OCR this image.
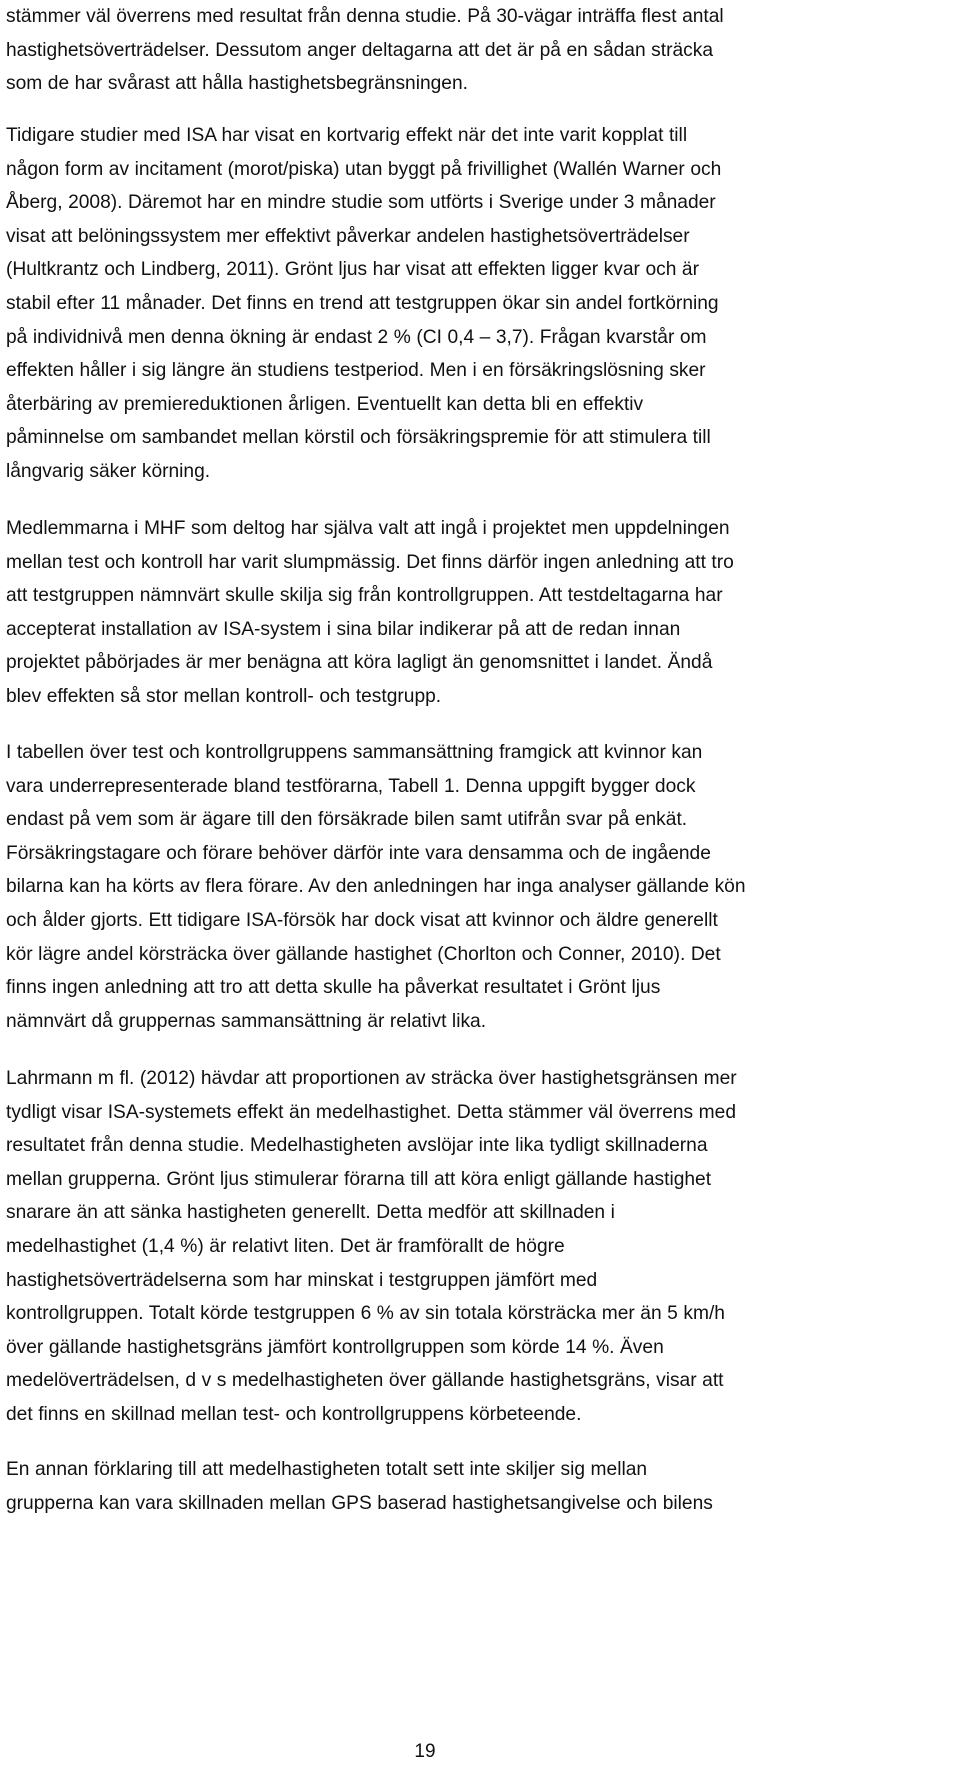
stämmer väl överrens med resultat från denna studie. På 30-vägar inträffa flest antal
hastighetsöverträdelser. Dessutom anger deltagarna att det är på en sådan sträcka
som de har svårast att hålla hastighetsbegränsningen.

Tidigare studier med ISA har visat en kortvarig effekt när det inte varit kopplat till
någon form av incitament (morot/piska) utan byggt på frivillighet (Wallén Warner och
Åberg, 2008). Däremot har en mindre studie som utförts i Sverige under 3 månader
visat att belöningssystem mer effektivt påverkar andelen hastighetsöverträdelser
(Hultkrantz och Lindberg, 2011). Grönt ljus har visat att effekten ligger kvar och är
stabil efter 11 månader. Det finns en trend att testgruppen ökar sin andel fortkörning
på individnivå men denna ökning är endast 2 % (CI 0,4 – 3,7). Frågan kvarstår om
effekten håller i sig längre än studiens testperiod. Men i en försäkringslösning sker
återbäring av premiereduktionen årligen. Eventuellt kan detta bli en effektiv
påminnelse om sambandet mellan körstil och försäkringspremie för att stimulera till
långvarig säker körning.

Medlemmarna i MHF som deltog har själva valt att ingå i projektet men uppdelningen
mellan test och kontroll har varit slumpmässig. Det finns därför ingen anledning att tro
att testgruppen nämnvärt skulle skilja sig från kontrollgruppen. Att testdeltagarna har
accepterat installation av ISA-system i sina bilar indikerar på att de redan innan
projektet påbörjades är mer benägna att köra lagligt än genomsnittet i landet. Ändå
blev effekten så stor mellan kontroll- och testgrupp.

I tabellen över test och kontrollgruppens sammansättning framgick att kvinnor kan
vara underrepresenterade bland testförarna, Tabell 1. Denna uppgift bygger dock
endast på vem som är ägare till den försäkrade bilen samt utifrån svar på enkät.
Försäkringstagare och förare behöver därför inte vara densamma och de ingående
bilarna kan ha körts av flera förare. Av den anledningen har inga analyser gällande kön
och ålder gjorts. Ett tidigare ISA-försök har dock visat att kvinnor och äldre generellt
kör lägre andel körsträcka över gällande hastighet (Chorlton och Conner, 2010). Det
finns ingen anledning att tro att detta skulle ha påverkat resultatet i Grönt ljus
nämnvärt då gruppernas sammansättning är relativt lika.

Lahrmann m fl. (2012) hävdar att proportionen av sträcka över hastighetsgränsen mer
tydligt visar ISA-systemets effekt än medelhastighet. Detta stämmer väl överrens med
resultatet från denna studie. Medelhastigheten avslöjar inte lika tydligt skillnaderna
mellan grupperna. Grönt ljus stimulerar förarna till att köra enligt gällande hastighet
snarare än att sänka hastigheten generellt. Detta medför att skillnaden i
medelhastighet (1,4 %) är relativt liten. Det är framförallt de högre
hastighetsöverträdelserna som har minskat i testgruppen jämfört med
kontrollgruppen. Totalt körde testgruppen 6 % av sin totala körsträcka mer än 5 km/h
över gällande hastighetsgräns jämfört kontrollgruppen som körde 14 %. Även
medelöverträdelsen, d v s medelhastigheten över gällande hastighetsgräns, visar att
det finns en skillnad mellan test- och kontrollgruppens körbeteende.

En annan förklaring till att medelhastigheten totalt sett inte skiljer sig mellan
grupperna kan vara skillnaden mellan GPS baserad hastighetsangivelse och bilens

19
